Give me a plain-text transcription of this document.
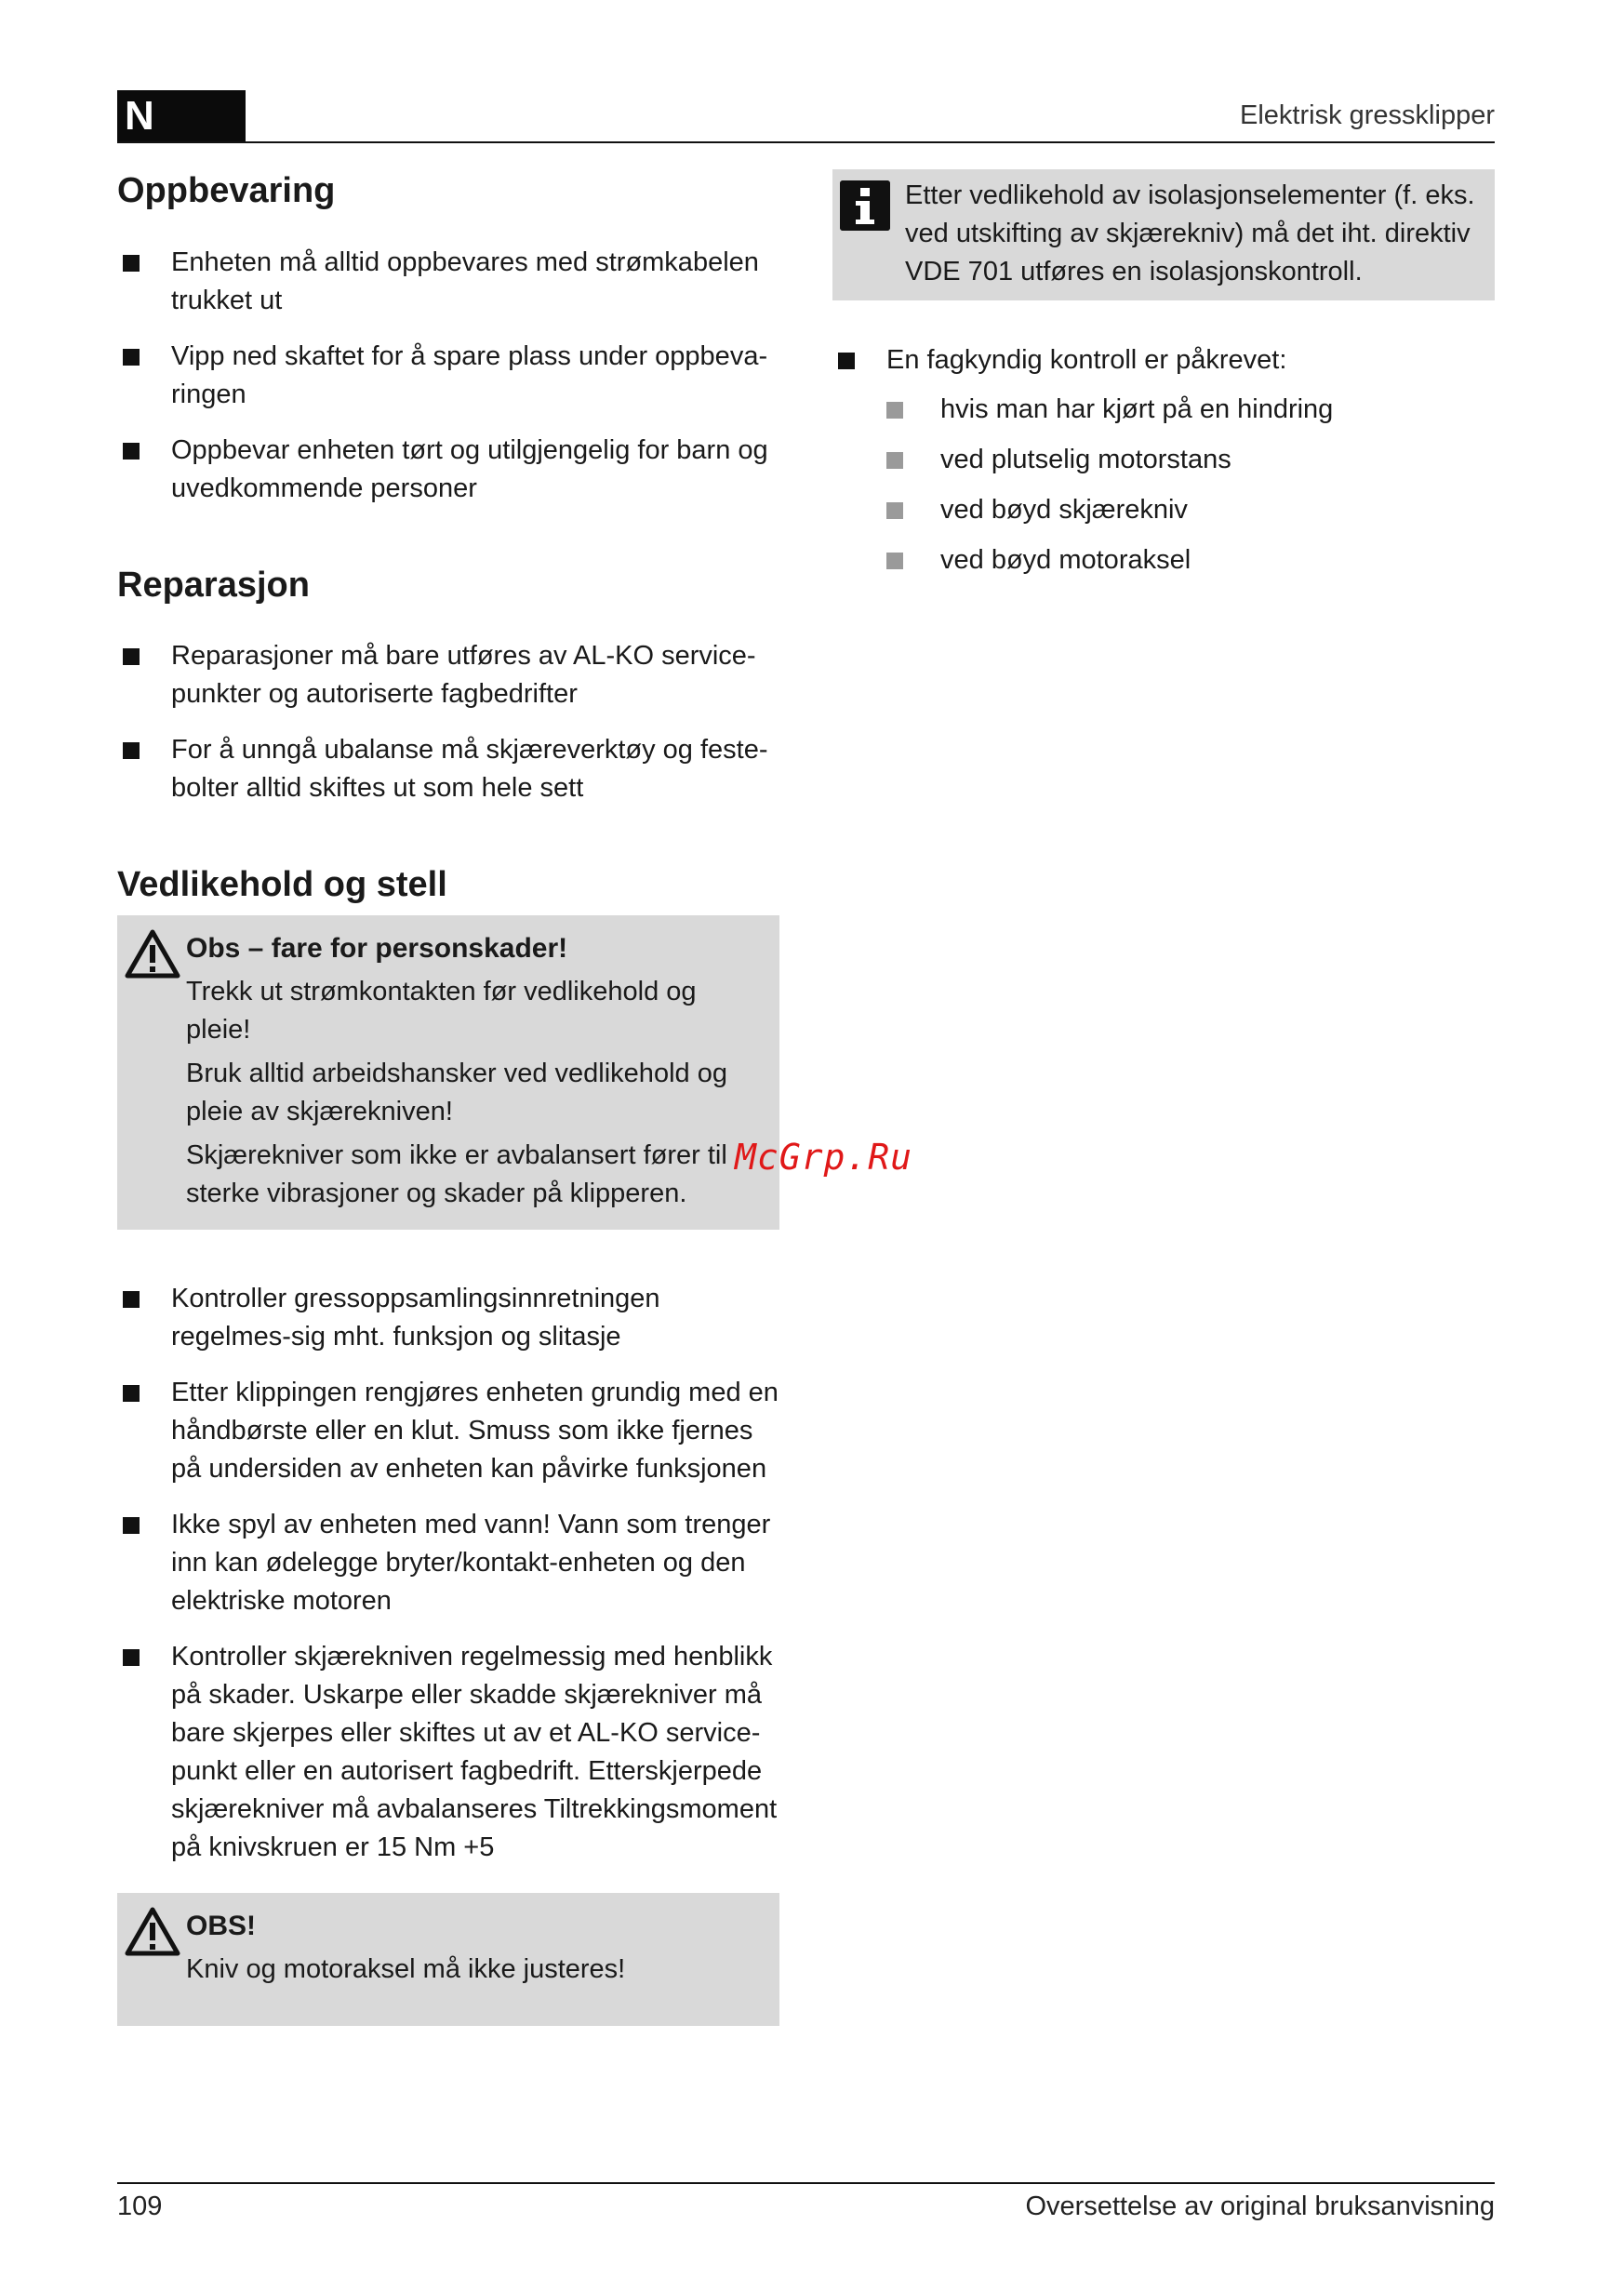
N	Elektrisk gressklipper
Oppbevaring
Enheten må alltid oppbevares med strømkabelen trukket ut
Vipp ned skaftet for å spare plass under oppbeva-ringen
Oppbevar enheten tørt og utilgjengelig for barn og uvedkommende personer
Reparasjon
Reparasjoner må bare utføres av AL-KO service-punkter og autoriserte fagbedrifter
For å unngå ubalanse må skjæreverktøy og feste-bolter alltid skiftes ut som hele sett
Vedlikehold og stell
Obs – fare for personskader!
Trekk ut strømkontakten før vedlikehold og pleie!
Bruk alltid arbeidshansker ved vedlikehold og pleie av skjærekniven!
Skjærekniver som ikke er avbalansert fører til sterke vibrasjoner og skader på klipperen.
Kontroller gressoppsamlingsinnretningen regelmes-sig mht. funksjon og slitasje
Etter klippingen rengjøres enheten grundig med en håndbørste eller en klut. Smuss som ikke fjernes på undersiden av enheten kan påvirke funksjonen
Ikke spyl av enheten med vann! Vann som trenger inn kan ødelegge bryter/kontakt-enheten og den elektriske motoren
Kontroller skjærekniven regelmessig med henblikk på skader. Uskarpe eller skadde skjærekniver må bare skjerpes eller skiftes ut av et AL-KO service-punkt eller en autorisert fagbedrift. Etterskjerpede skjærekniver må avbalanseres Tiltrekkingsmoment på knivskruen er 15 Nm +5
OBS!
Kniv og motoraksel må ikke justeres!
Etter vedlikehold av isolasjonselementer (f. eks. ved utskifting av skjærekniv) må det iht. direktiv VDE 701 utføres en isolasjonskontroll.
En fagkyndig kontroll er påkrevet:
hvis man har kjørt på en hindring
ved plutselig motorstans
ved bøyd skjærekniv
ved bøyd motoraksel
McGrp.Ru
109	Oversettelse av original bruksanvisning
